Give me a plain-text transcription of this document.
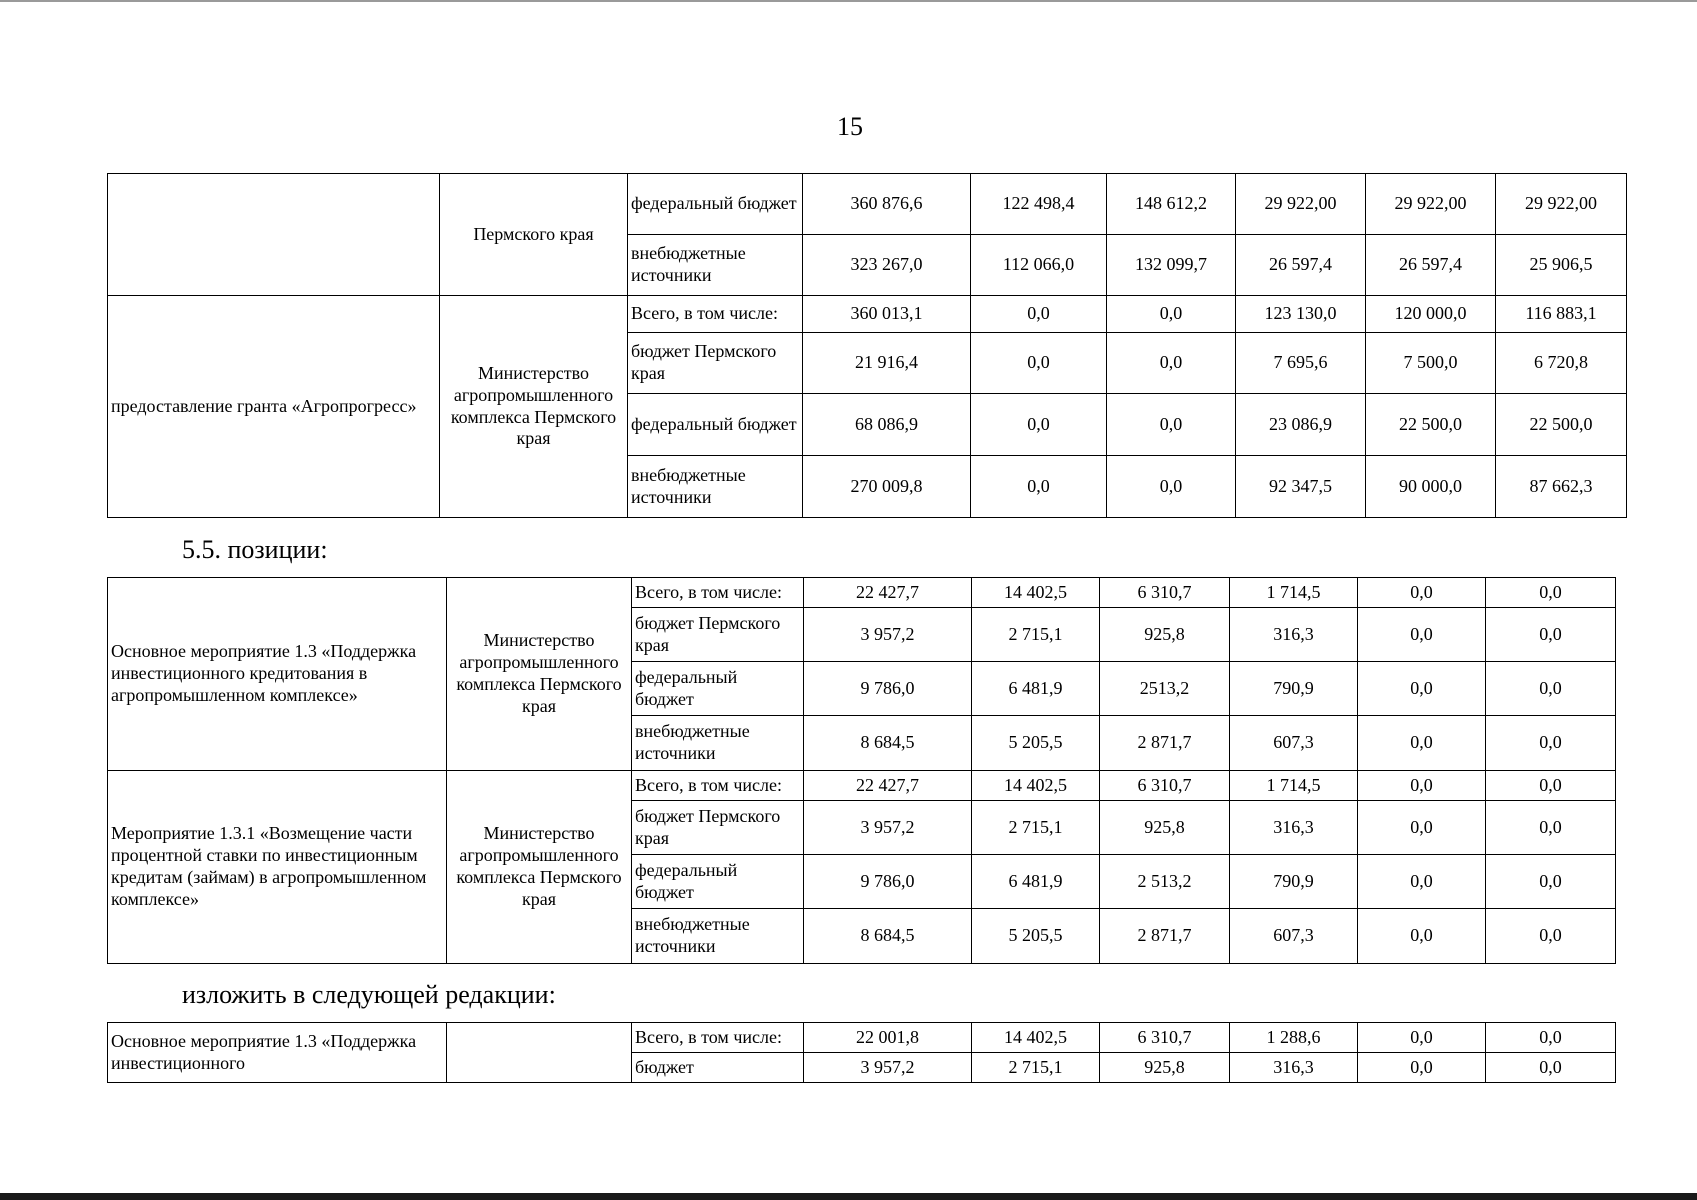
15
	Пермского края	федеральный бюджет	360 876,6	122 498,4	148 612,2	29 922,00	29 922,00	29 922,00
		внебюджетные источники	323 267,0	112 066,0	132 099,7	26 597,4	26 597,4	25 906,5
предоставление гранта «Агропрогресс»	Министерство агропромышленного комплекса Пермского края	Всего, в том числе:	360 013,1	0,0	0,0	123 130,0	120 000,0	116 883,1
		бюджет Пермского края	21 916,4	0,0	0,0	7 695,6	7 500,0	6 720,8
		федеральный бюджет	68 086,9	0,0	0,0	23 086,9	22 500,0	22 500,0
		внебюджетные источники	270 009,8	0,0	0,0	92 347,5	90 000,0	87 662,3
5.5. позиции:
Основное мероприятие 1.3 «Поддержка инвестиционного кредитования в агропромышленном комплексе»	Министерство агропромышленного комплекса Пермского края	Всего, в том числе:	22 427,7	14 402,5	6 310,7	1 714,5	0,0	0,0
		бюджет Пермского края	3 957,2	2 715,1	925,8	316,3	0,0	0,0
		федеральный бюджет	9 786,0	6 481,9	2513,2	790,9	0,0	0,0
		внебюджетные источники	8 684,5	5 205,5	2 871,7	607,3	0,0	0,0
Мероприятие 1.3.1 «Возмещение части процентной ставки по инвестиционным кредитам (займам) в агропромышленном комплексе»	Министерство агропромышленного комплекса Пермского края	Всего, в том числе:	22 427,7	14 402,5	6 310,7	1 714,5	0,0	0,0
		бюджет Пермского края	3 957,2	2 715,1	925,8	316,3	0,0	0,0
		федеральный бюджет	9 786,0	6 481,9	2 513,2	790,9	0,0	0,0
		внебюджетные источники	8 684,5	5 205,5	2 871,7	607,3	0,0	0,0
изложить в следующей редакции:
Основное мероприятие 1.3 «Поддержка инвестиционного		Всего, в том числе:	22 001,8	14 402,5	6 310,7	1 288,6	0,0	0,0
		бюджет	3 957,2	2 715,1	925,8	316,3	0,0	0,0
